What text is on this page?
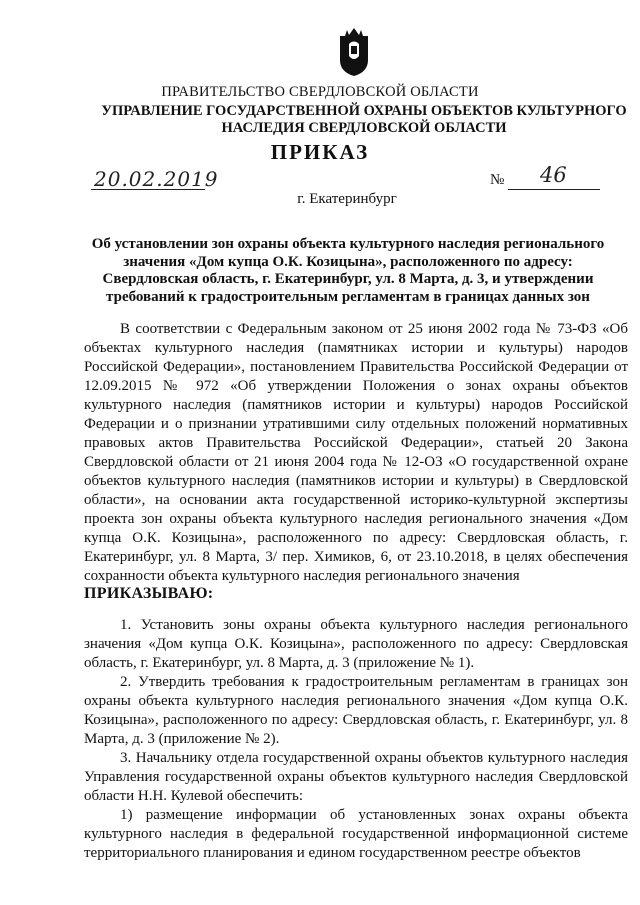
ПРАВИТЕЛЬСТВО СВЕРДЛОВСКОЙ ОБЛАСТИ
УПРАВЛЕНИЕ ГОСУДАРСТВЕННОЙ ОХРАНЫ ОБЪЕКТОВ КУЛЬТУРНОГО НАСЛЕДИЯ СВЕРДЛОВСКОЙ ОБЛАСТИ
ПРИКАЗ
20.02.2019	№ 46
г. Екатеринбург
Об установлении зон охраны объекта культурного наследия регионального значения «Дом купца О.К. Козицына», расположенного по адресу: Свердловская область, г. Екатеринбург, ул. 8 Марта, д. 3, и утверждении требований к градостроительным регламентам в границах данных зон
В соответствии с Федеральным законом от 25 июня 2002 года № 73-ФЗ «Об объектах культурного наследия (памятниках истории и культуры) народов Российской Федерации», постановлением Правительства Российской Федерации от 12.09.2015 № 972 «Об утверждении Положения о зонах охраны объектов культурного наследия (памятников истории и культуры) народов Российской Федерации и о признании утратившими силу отдельных положений нормативных правовых актов Правительства Российской Федерации», статьей 20 Закона Свердловской области от 21 июня 2004 года № 12-ОЗ «О государственной охране объектов культурного наследия (памятников истории и культуры) в Свердловской области», на основании акта государственной историко-культурной экспертизы проекта зон охраны объекта культурного наследия регионального значения «Дом купца О.К. Козицына», расположенного по адресу: Свердловская область, г. Екатеринбург, ул. 8 Марта, 3/ пер. Химиков, 6, от 23.10.2018, в целях обеспечения сохранности объекта культурного наследия регионального значения
ПРИКАЗЫВАЮ:

1. Установить зоны охраны объекта культурного наследия регионального значения «Дом купца О.К. Козицына», расположенного по адресу: Свердловская область, г. Екатеринбург, ул. 8 Марта, д. 3 (приложение № 1).

2. Утвердить требования к градостроительным регламентам в границах зон охраны объекта культурного наследия регионального значения «Дом купца О.К. Козицына», расположенного по адресу: Свердловская область, г. Екатеринбург, ул. 8 Марта, д. 3 (приложение № 2).

3. Начальнику отдела государственной охраны объектов культурного наследия Управления государственной охраны объектов культурного наследия Свердловской области Н.Н. Кулевой обеспечить:

1) размещение информации об установленных зонах охраны объекта культурного наследия в федеральной государственной информационной системе территориального планирования и едином государственном реестре объектов
